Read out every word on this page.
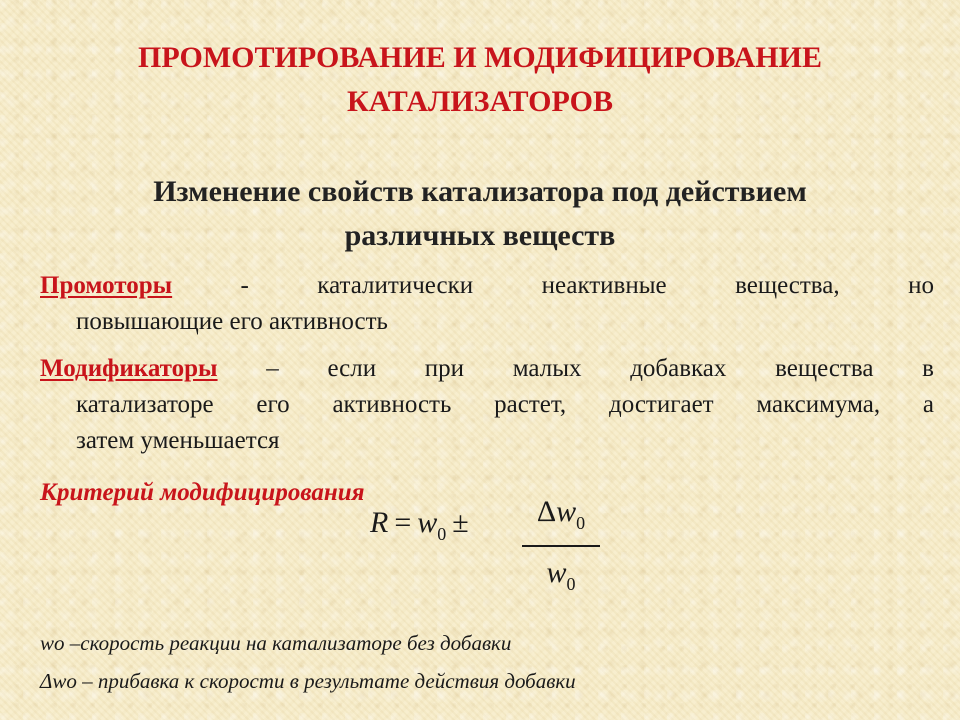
ПРОМОТИРОВАНИЕ И МОДИФИЦИРОВАНИЕ
КАТАЛИЗАТОРОВ
Изменение свойств катализатора под действием
различных веществ
Промоторы	-	каталитически	неактивные	вещества,	но
повышающие его активность
Модификаторы – если при малых добавках вещества в
катализаторе его активность растет, достигает максимума, а
затем уменьшается
Критерий модифицирования
$R = w_0$ ±	$\Delta w_0$
$w_0$
wо –скорость реакции на катализаторе без добавки
Δwо – прибавка к скорости в результате действия добавки
